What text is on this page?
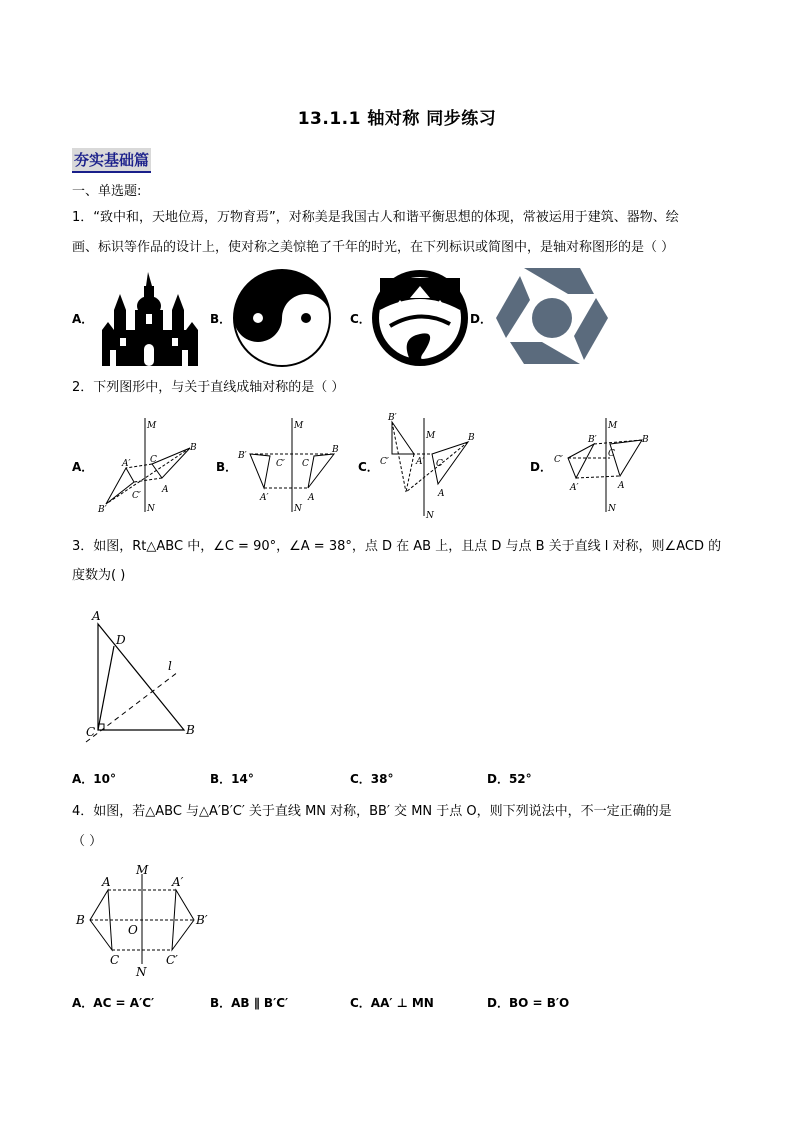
13.1.1 轴对称 同步练习
夯实基础篇
一、单选题:
1．“致中和，天地位焉，万物育焉”，对称美是我国古人和谐平衡思想的体现，常被运用于建筑、器物、绘
画、标识等作品的设计上，使对称之美惊艳了千年的时光，在下列标识或简图中，是轴对称图形的是（ ）
A．	B．	C．	D．
2．下列图形中，与关于直线成轴对称的是（ ）
A．
M
N
B
C
A
A′
C′
B′
B．
M
N
B′
C′ C
B
A′	A
C．
M
N
B′
C′	A′ C
B
A
D．
M
N
C′
B′
C
B
A′	A
3．如图，Rt△ABC 中，∠C = 90°，∠A = 38°，点 D 在 AB 上，且点 D 与点 B 关于直线 l 对称，则∠ACD 的
度数为( )
A
D
l
C	B
A．10°	B．14°	C．38°	D．52°
4．如图，若△ABC 与△A′B′C′ 关于直线 MN 对称，BB′ 交 MN 于点 O，则下列说法中，不一定正确的是
（ ）
M
N
A	A′
B	B′
O
C	C′
A．AC = A′C′	B．AB ∥ B′C′	C．AA′ ⊥ MN	D．BO = B′O
